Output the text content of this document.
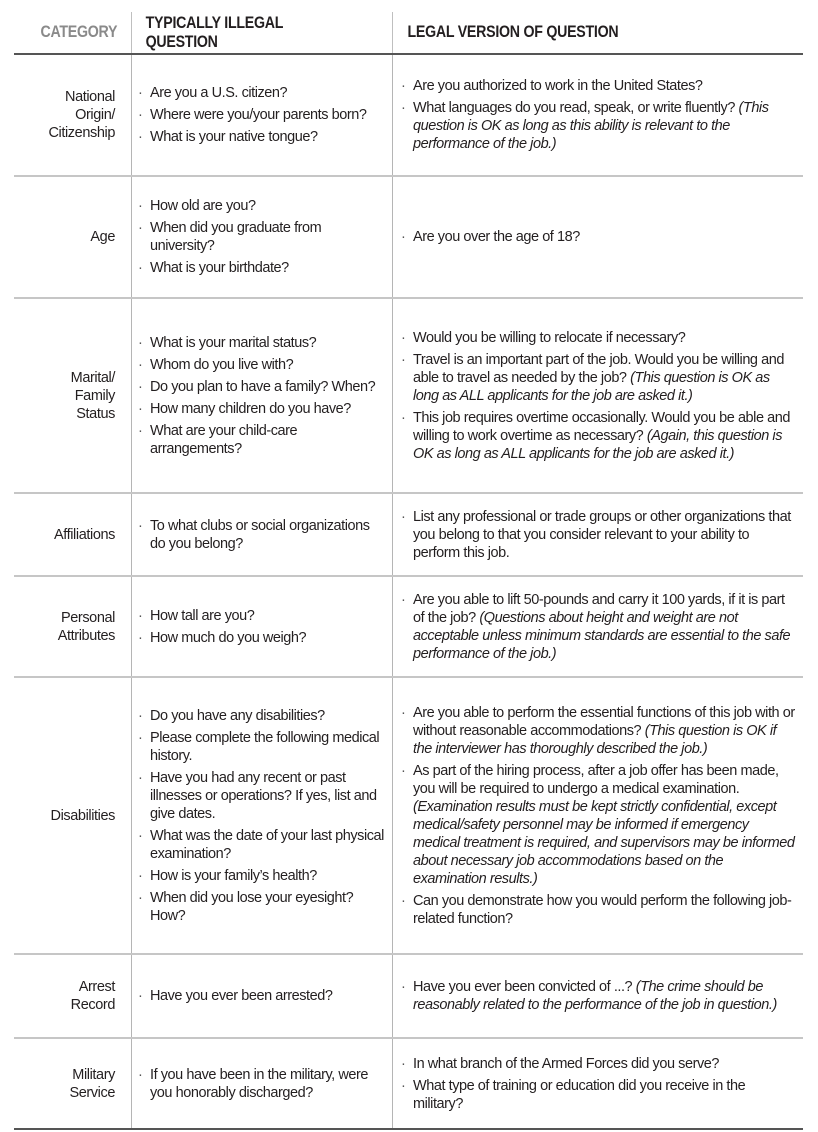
CATEGORY
TYPICALLY ILLEGAL QUESTION
LEGAL VERSION OF QUESTION
National
Origin/
Citizenship
· Are you a U.S. citizen?
· Where were you/your parents born?
· What is your native tongue?
· Are you authorized to work in the United States?
· What languages do you read, speak, or write fluently? (This question is OK as long as this ability is relevant to the performance of the job.)
Age
· How old are you?
· When did you graduate from university?
· What is your birthdate?
· Are you over the age of 18?
Marital/
Family
Status
· What is your marital status?
· Whom do you live with?
· Do you plan to have a family? When?
· How many children do you have?
· What are your child-care arrangements?
· Would you be willing to relocate if necessary?
· Travel is an important part of the job. Would you be willing and able to travel as needed by the job? (This question is OK as long as ALL applicants for the job are asked it.)
· This job requires overtime occasionally. Would you be able and willing to work overtime as necessary? (Again, this question is OK as long as ALL applicants for the job are asked it.)
Affiliations
· To what clubs or social organizations do you belong?
· List any professional or trade groups or other organizations that you belong to that you consider relevant to your ability to perform this job.
Personal
Attributes
· How tall are you?
· How much do you weigh?
· Are you able to lift 50-pounds and carry it 100 yards, if it is part of the job? (Questions about height and weight are not acceptable unless minimum standards are essential to the safe performance of the job.)
Disabilities
· Do you have any disabilities?
· Please complete the following medical history.
· Have you had any recent or past illnesses or operations? If yes, list and give dates.
· What was the date of your last physical examination?
· How is your family’s health?
· When did you lose your eyesight? How?
· Are you able to perform the essential functions of this job with or without reasonable accommodations? (This question is OK if the interviewer has thoroughly described the job.)
· As part of the hiring process, after a job offer has been made, you will be required to undergo a medical examination. (Examination results must be kept strictly confidential, except medical/safety personnel may be informed if emergency medical treatment is required, and supervisors may be informed about necessary job accommodations based on the examination results.)
· Can you demonstrate how you would perform the following job-related function?
Arrest
Record
· Have you ever been arrested?
· Have you ever been convicted of ...? (The crime should be reasonably related to the performance of the job in question.)
Military
Service
· If you have been in the military, were you honorably discharged?
· In what branch of the Armed Forces did you serve?
· What type of training or education did you receive in the military?
